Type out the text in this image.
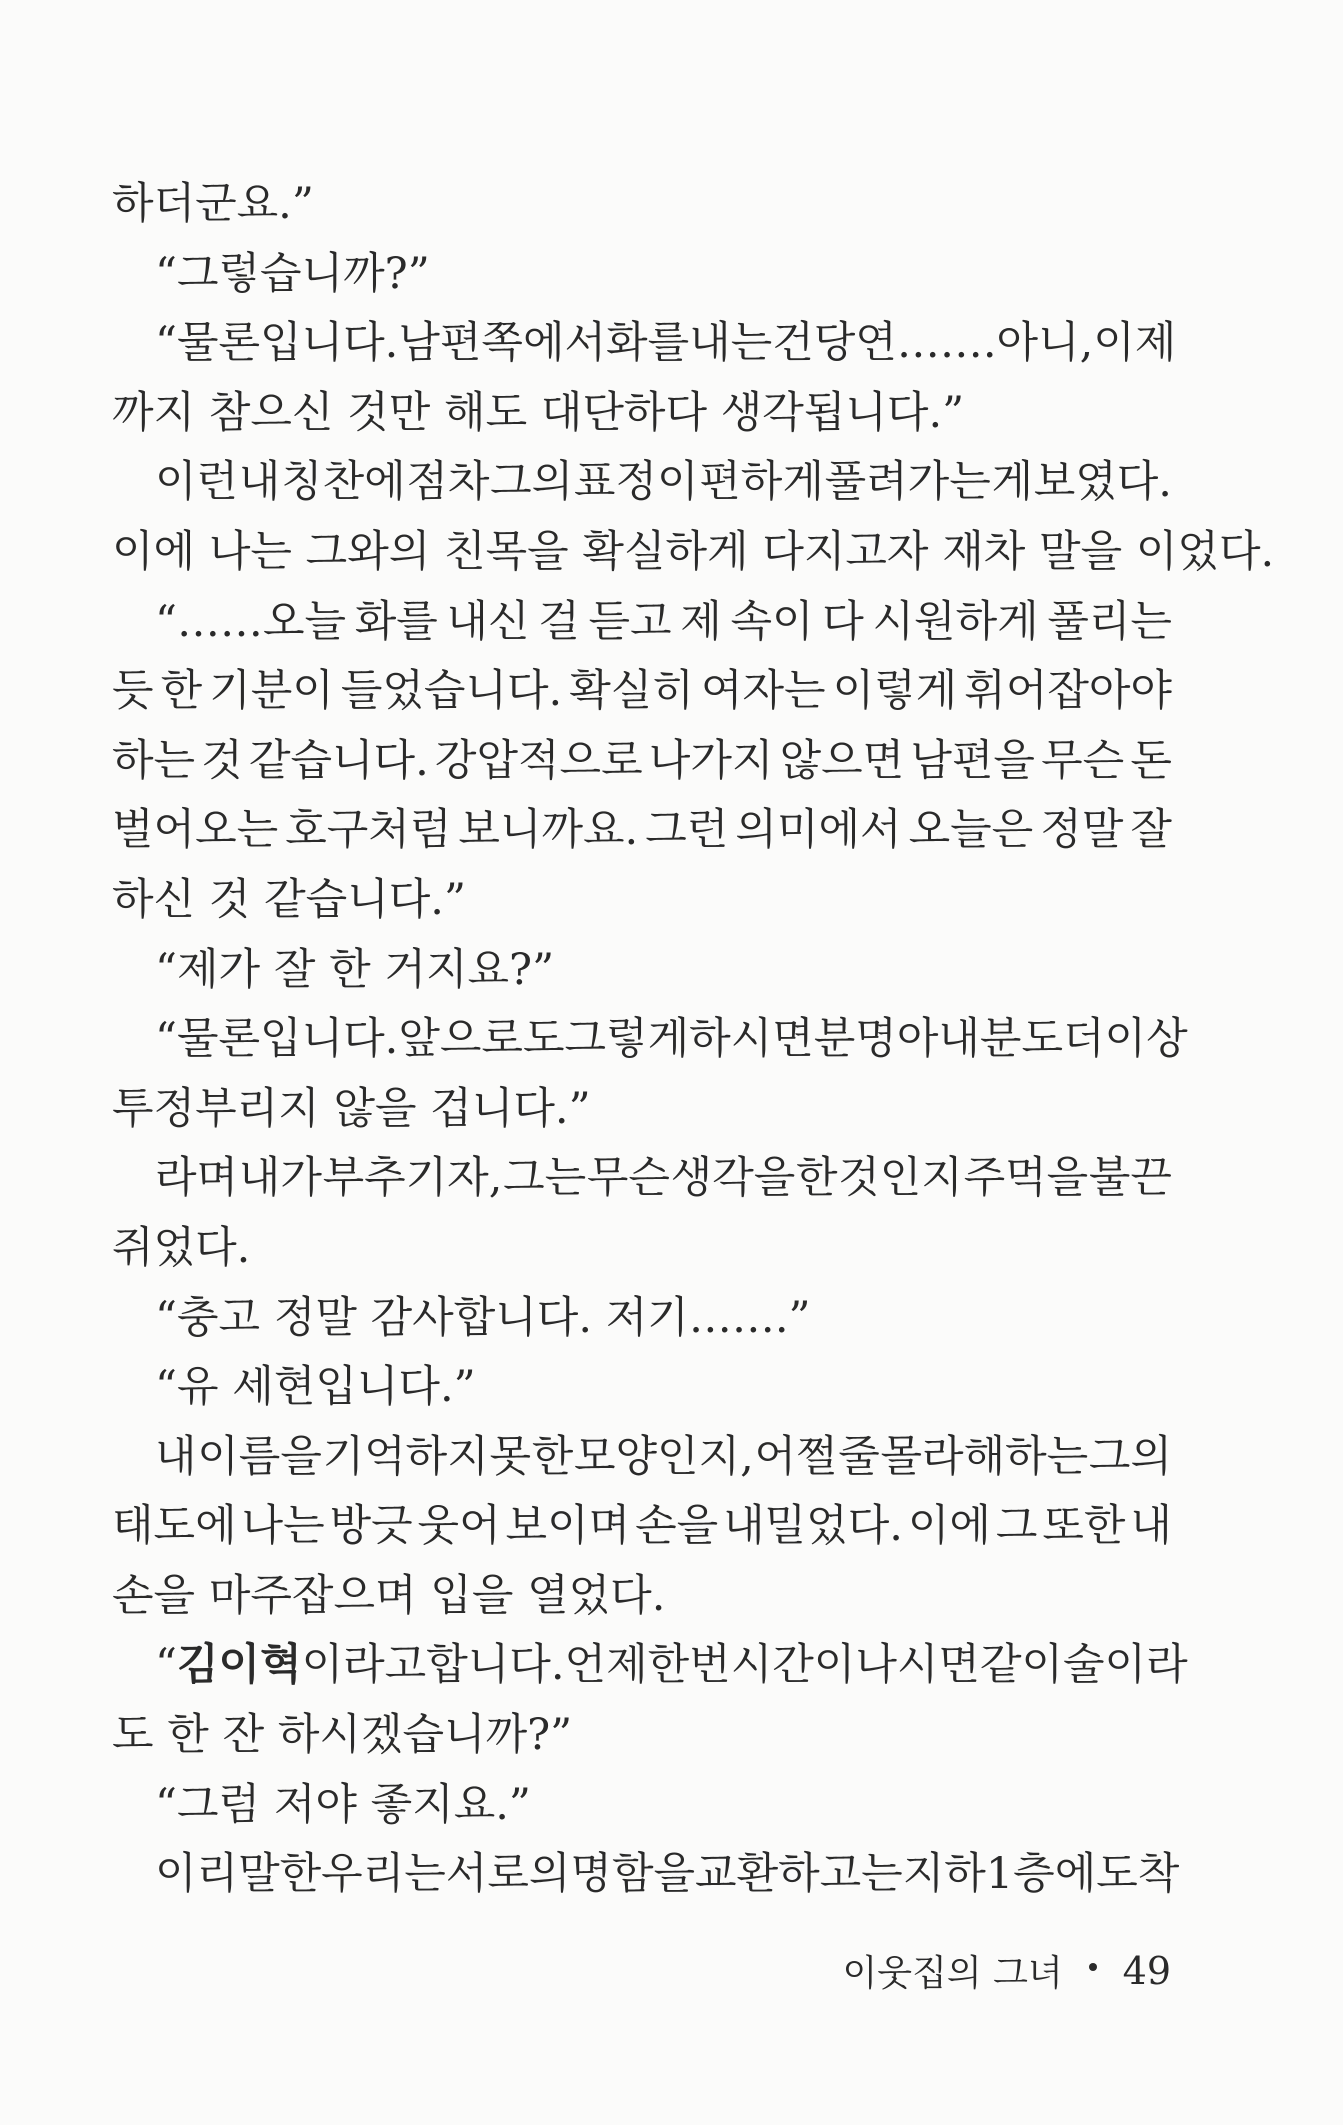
하더군요.”
“그렇습니까?”
“물론입니다. 남편 쪽에서 화를 내는 건 당연……. 아니, 이제
까지 참으신 것만 해도 대단하다 생각됩니다.”
이런 내 칭찬에 점차 그의 표정이 편하게 풀려가는 게 보였다.
이에 나는 그와의 친목을 확실하게 다지고자 재차 말을 이었다.
“……오늘 화를 내신 걸 듣고 제 속이 다 시원하게 풀리는
듯 한 기분이 들었습니다. 확실히 여자는 이렇게 휘어잡아야
하는 것 같습니다. 강압적으로 나가지 않으면 남편을 무슨 돈
벌어오는 호구처럼 보니까요. 그런 의미에서 오늘은 정말 잘
하신 것 같습니다.”
“제가 잘 한 거지요?”
“물론입니다. 앞으로도 그렇게 하시면 분명 아내 분도 더 이상
투정부리지 않을 겁니다.”
라며 내가 부추기자, 그는 무슨 생각을 한 것인지 주먹을 불끈
쥐었다.
“충고 정말 감사합니다. 저기…….”
“유 세현입니다.”
내 이름을 기억하지 못 한 모양인지, 어쩔 줄 몰라해하는 그의
태도에 나는 방긋 웃어 보이며 손을 내밀었다. 이에 그 또한 내
손을 마주잡으며 입을 열었다.
“김 이혁이라고 합니다. 언제 한번 시간이 나시면 같이 술이라
도 한 잔 하시겠습니까?”
“그럼 저야 좋지요.”
이리 말한 우리는 서로의 명함을 교환하고는 지하 1층에 도착
이웃집의 그녀 49
